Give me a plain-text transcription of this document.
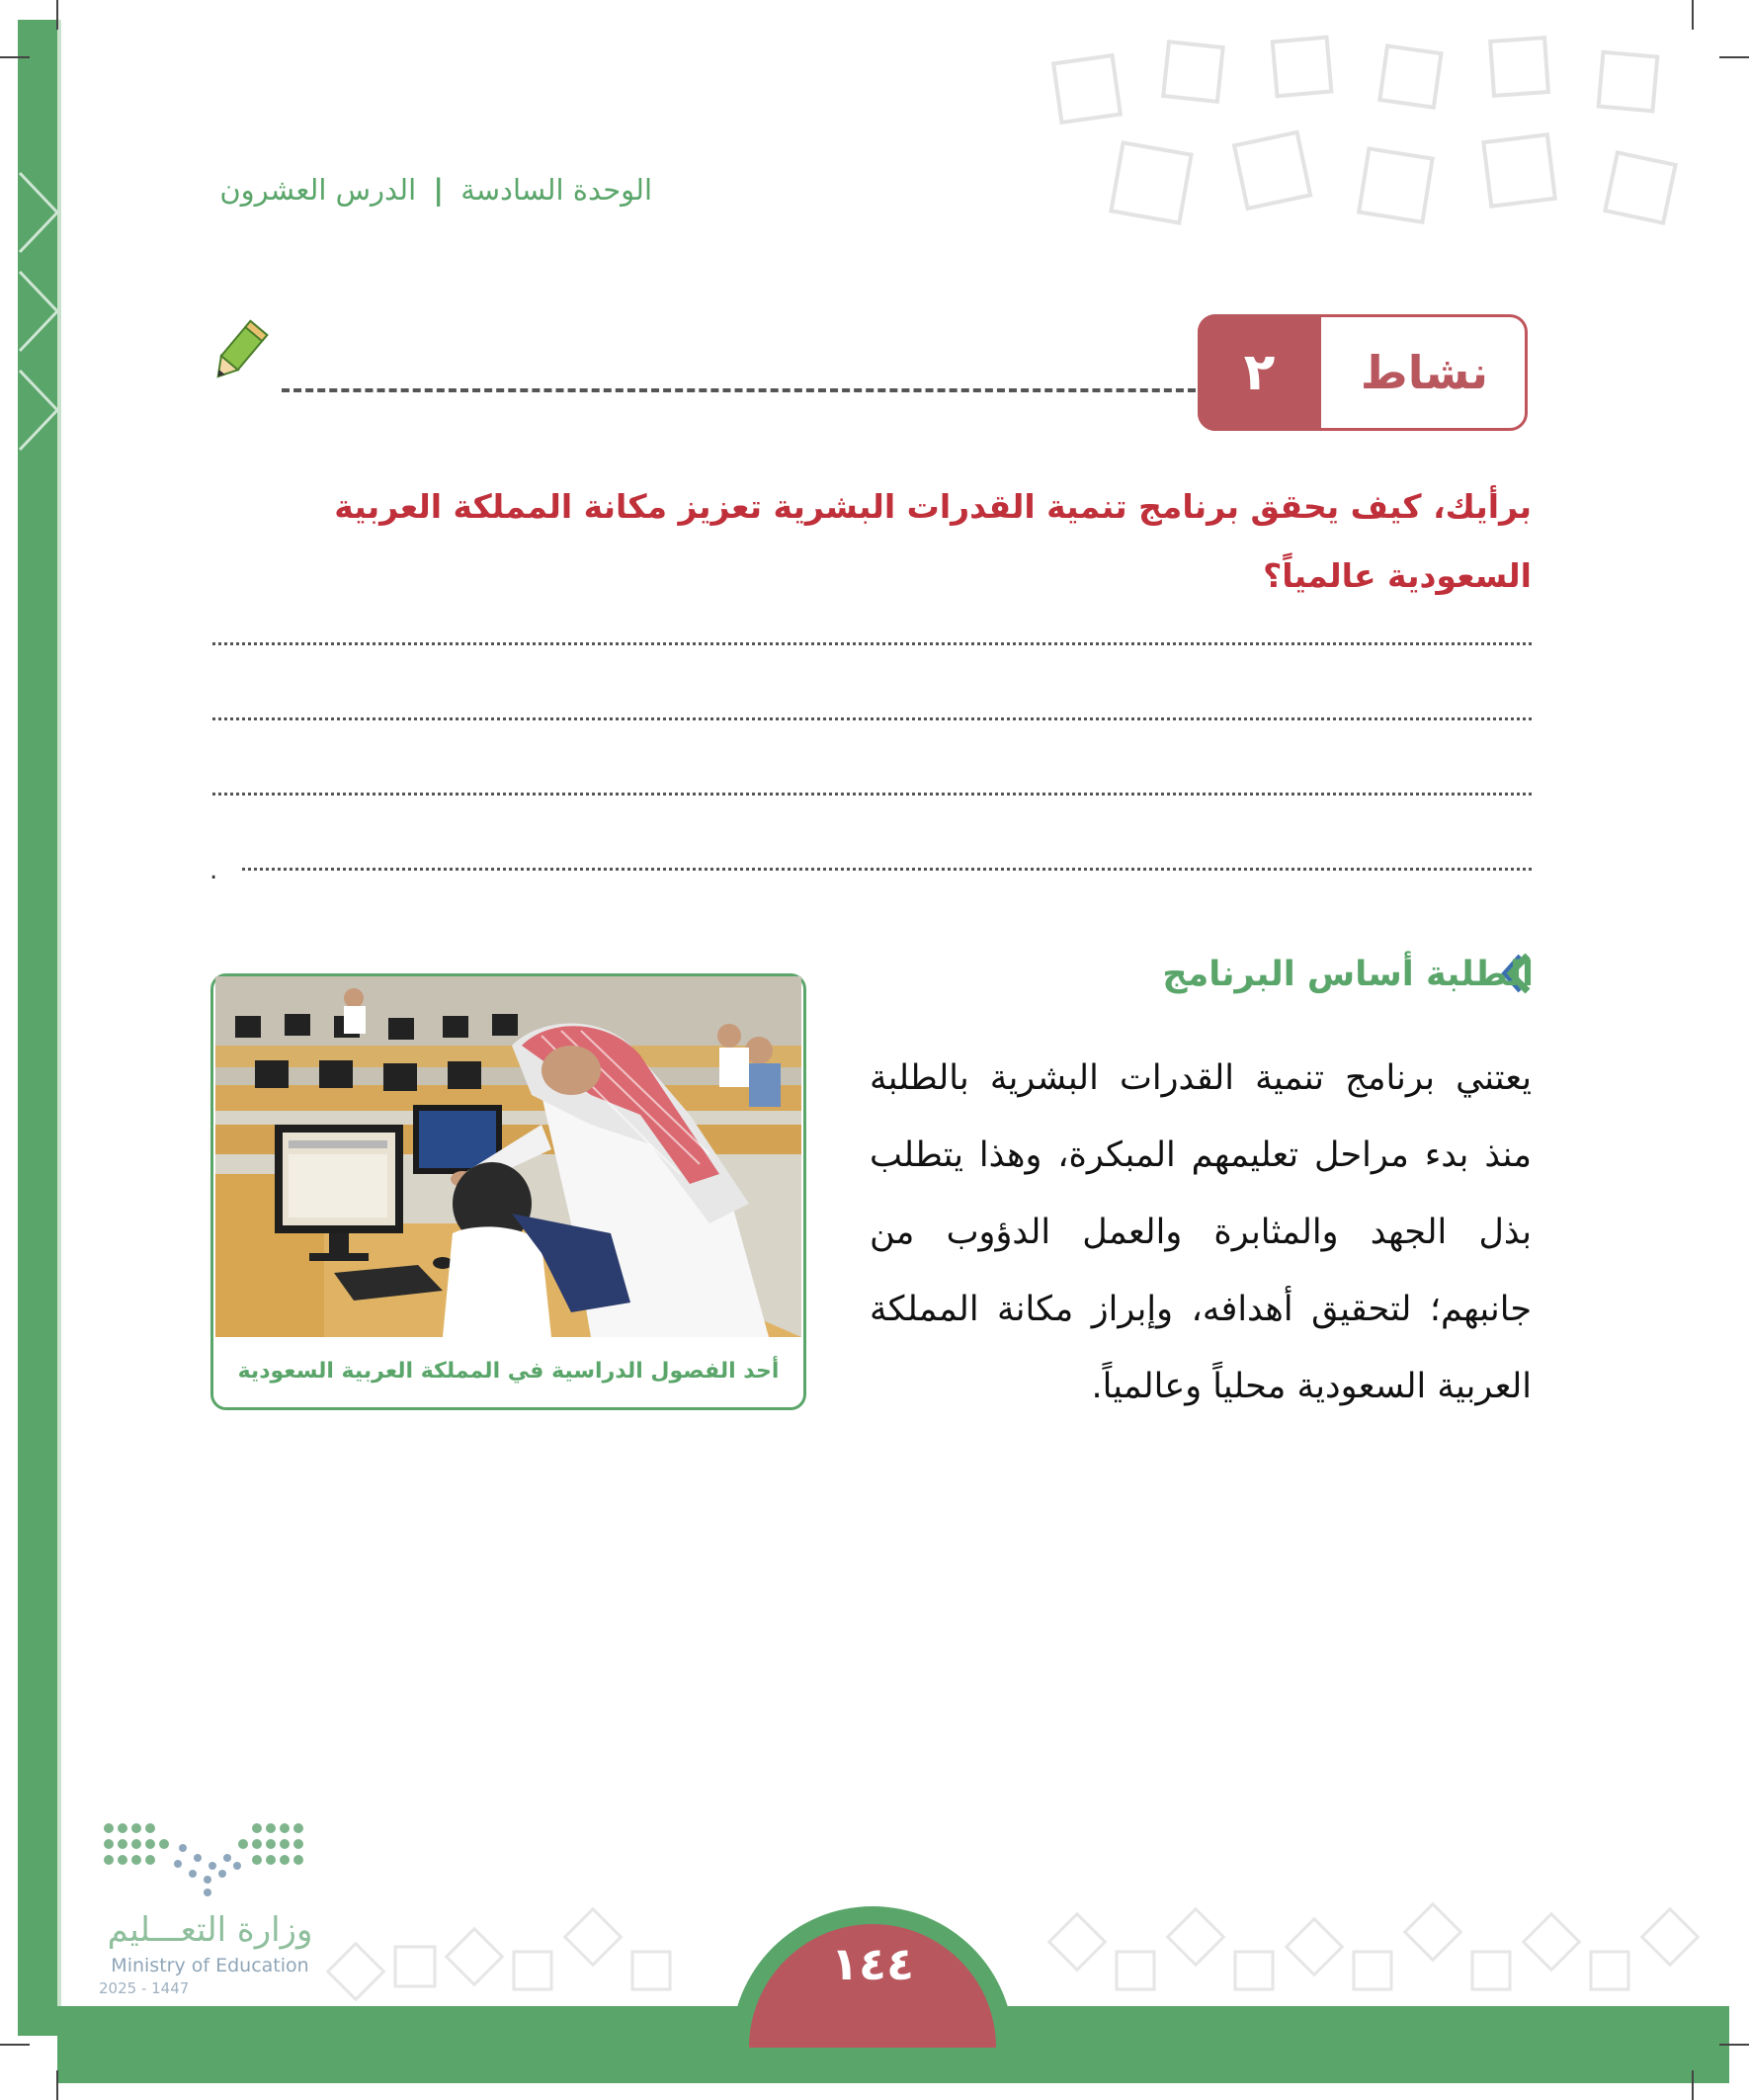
الوحدة السادسة | الدرس العشرون
٢	نشاط
برأيك، كيف يحقق برنامج تنمية القدرات البشرية تعزيز مكانة المملكة العربية السعودية عالمياً؟
.
الطلبة أساس البرنامج
يعتني برنامج تنمية القدرات البشرية بالطلبة منذ بدء مراحل تعليمهم المبكرة، وهذا يتطلب بذل الجهد والمثابرة والعمل الدؤوب من جانبهم؛ لتحقيق أهدافه، وإبراز مكانة المملكة العربية السعودية محلياً وعالمياً.
أحد الفصول الدراسية في المملكة العربية السعودية
وزارة التعـــليم
Ministry of Education
2025 - 1447	١٤٤
